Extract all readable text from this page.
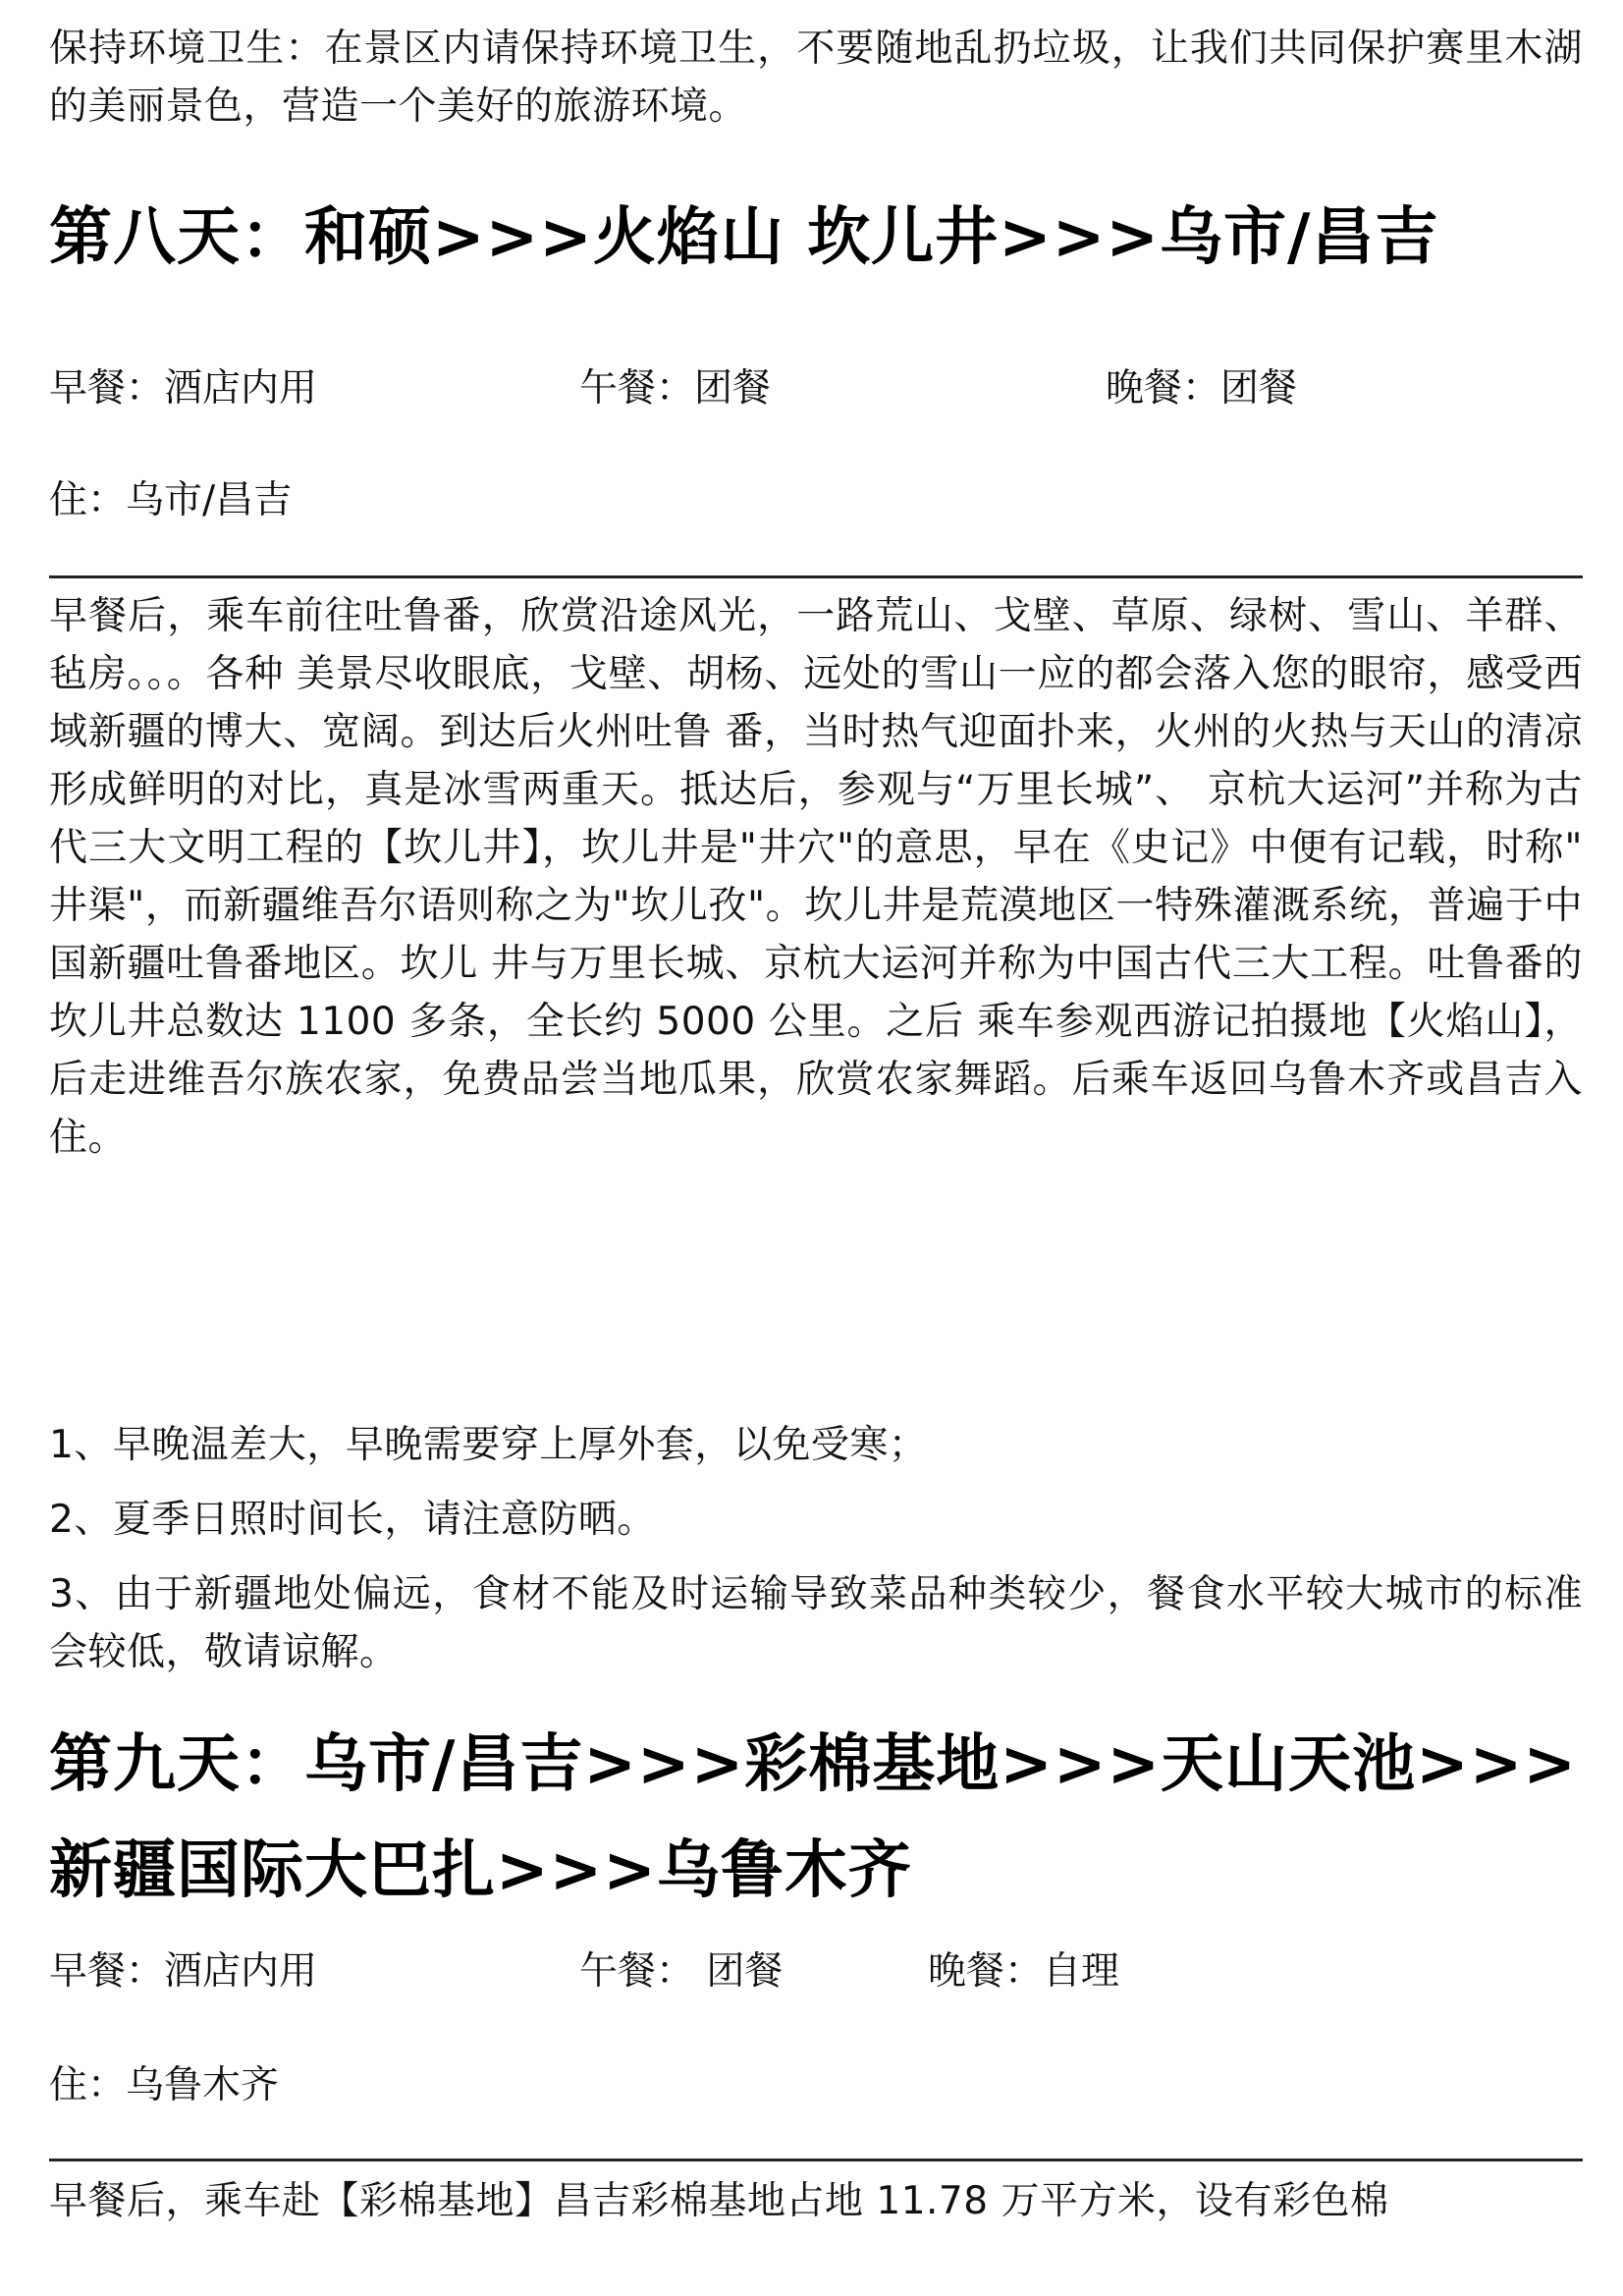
保持环境卫生：在景区内请保持环境卫生，不要随地乱扔垃圾，让我们共同保护赛里木湖的美丽景色，营造一个美好的旅游环境。

第八天：和硕>>>火焰山 坎儿井>>>乌市/昌吉
早餐：酒店内用	午餐：团餐	晚餐：团餐
住：乌市/昌吉

早餐后，乘车前往吐鲁番，欣赏沿途风光，一路荒山、戈壁、草原、绿树、雪山、羊群、毡房。。。各种 美景尽收眼底，戈壁、胡杨、远处的雪山一应的都会落入您的眼帘，感受西域新疆的博大、宽阔。到达后火州吐鲁 番，当时热气迎面扑来，火州的火热与天山的清凉形成鲜明的对比，真是冰雪两重天。抵达后，参观与“万里长城”、 京杭大运河”并称为古代三大文明工程的【坎儿井】，坎儿井是"井穴"的意思，早在《史记》中便有记载，时称" 井渠"，而新疆维吾尔语则称之为"坎儿孜"。坎儿井是荒漠地区一特殊灌溉系统，普遍于中国新疆吐鲁番地区。坎儿 井与万里长城、京杭大运河并称为中国古代三大工程。吐鲁番的坎儿井总数达 1100 多条，全长约 5000 公里。之后 乘车参观西游记拍摄地【火焰山】，后走进维吾尔族农家，免费品尝当地瓜果，欣赏农家舞蹈。后乘车返回乌鲁木齐或昌吉入住。

1、早晚温差大，早晚需要穿上厚外套，以免受寒；

2、夏季日照时间长，请注意防晒。

3、由于新疆地处偏远，食材不能及时运输导致菜品种类较少，餐食水平较大城市的标准会较低，敬请谅解。

第九天：乌市/昌吉>>>彩棉基地>>>天山天池>>>新疆国际大巴扎>>>乌鲁木齐
早餐：酒店内用	午餐： 团餐	晚餐：自理
住：乌鲁木齐

早餐后，乘车赴【彩棉基地】昌吉彩棉基地占地 11.78 万平方米，设有彩色棉
